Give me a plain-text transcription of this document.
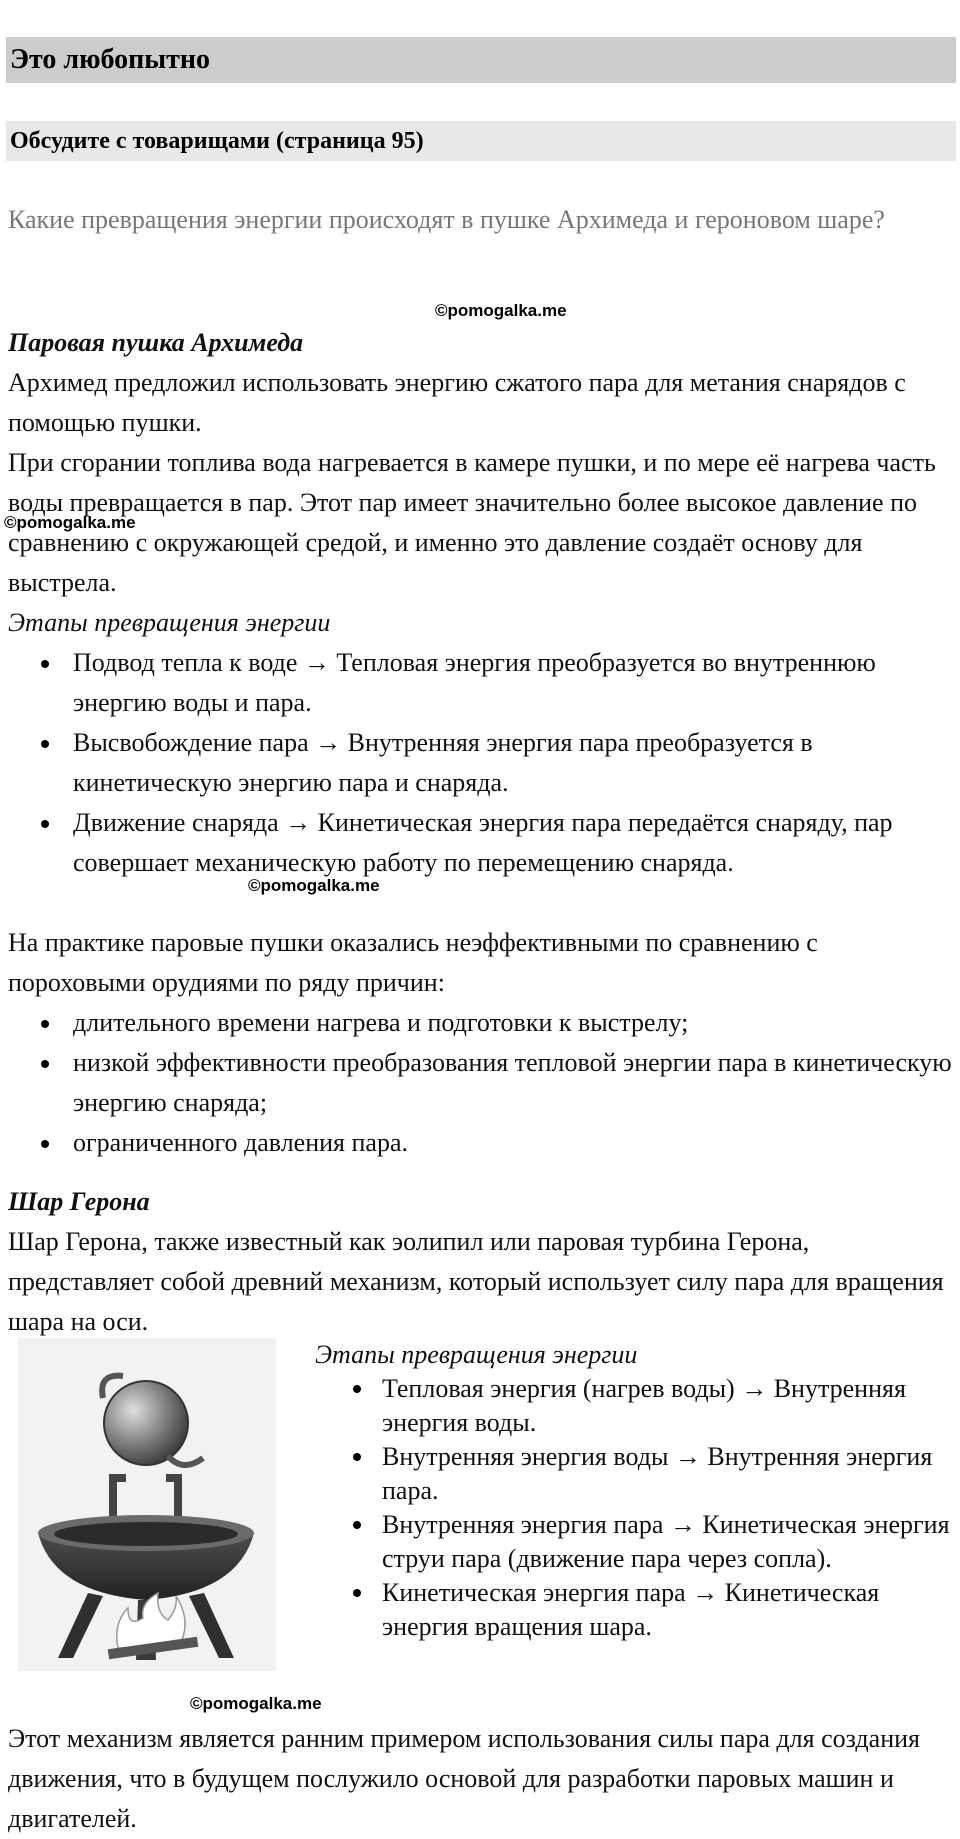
Это любопытно
Обсудите с товарищами (страница 95)
Какие превращения энергии происходят в пушке Архимеда и героновом шаре?
©pomogalka.me
Паровая пушка Архимеда
Архимед предложил использовать энергию сжатого пара для метания снарядов с помощью пушки.
При сгорании топлива вода нагревается в камере пушки, и по мере её нагрева часть воды превращается в пар. Этот пар имеет значительно более высокое давление по сравнению с окружающей средой, и именно это давление создаёт основу для выстрела.
Этапы превращения энергии
Подвод тепла к воде → Тепловая энергия преобразуется во внутреннюю энергию воды и пара.
Высвобождение пара → Внутренняя энергия пара преобразуется в кинетическую энергию пара и снаряда.
Движение снаряда → Кинетическая энергия пара передаётся снаряду, пар совершает механическую работу по перемещению снаряда.
©pomogalka.me
©pomogalka.me
На практике паровые пушки оказались неэффективными по сравнению с пороховыми орудиями по ряду причин:
длительного времени нагрева и подготовки к выстрелу;
низкой эффективности преобразования тепловой энергии пара в кинетическую энергию снаряда;
ограниченного давления пара.
Шар Герона
Шар Герона, также известный как эолипил или паровая турбина Герона, представляет собой древний механизм, который использует силу пара для вращения шара на оси.
Этапы превращения энергии
Тепловая энергия (нагрев воды) → Внутренняя энергия воды.
Внутренняя энергия воды → Внутренняя энергия пара.
Внутренняя энергия пара → Кинетическая энергия струи пара (движение пара через сопла).
Кинетическая энергия пара → Кинетическая энергия вращения шара.
©pomogalka.me
Этот механизм является ранним примером использования силы пара для создания движения, что в будущем послужило основой для разработки паровых машин и двигателей.
